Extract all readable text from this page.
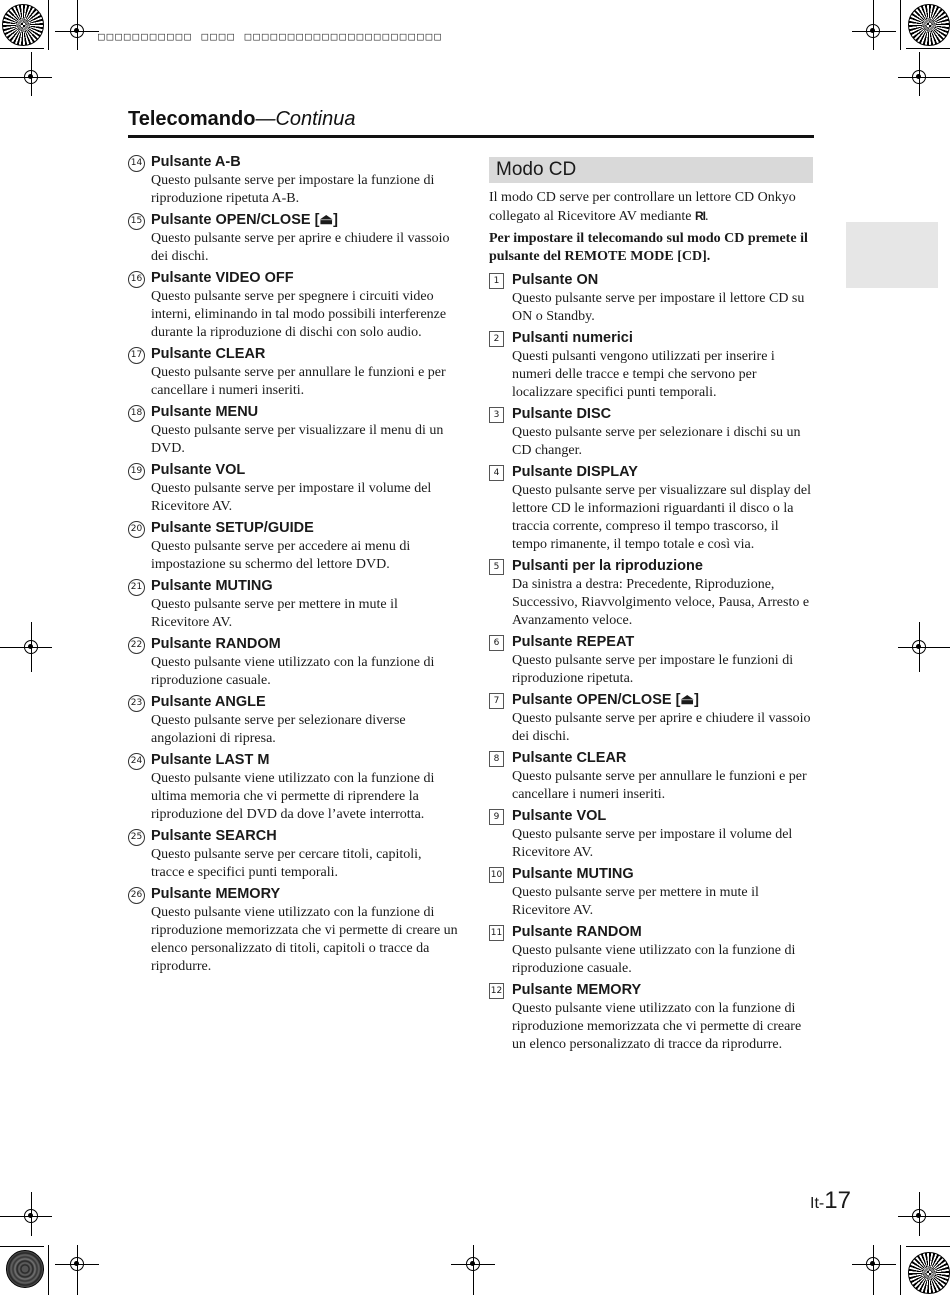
□□□□□□□□□□□ □□□□ □□□□□□□□□□□□□□□□□□□□□□□
Telecomando—Continua
14 Pulsante A-B
Questo pulsante serve per impostare la funzione di riproduzione ripetuta A-B.
15 Pulsante OPEN/CLOSE [⏏]
Questo pulsante serve per aprire e chiudere il vassoio dei dischi.
16 Pulsante VIDEO OFF
Questo pulsante serve per spegnere i circuiti video interni, eliminando in tal modo possibili interferenze durante la riproduzione di dischi con solo audio.
17 Pulsante CLEAR
Questo pulsante serve per annullare le funzioni e per cancellare i numeri inseriti.
18 Pulsante MENU
Questo pulsante serve per visualizzare il menu di un DVD.
19 Pulsante VOL
Questo pulsante serve per impostare il volume del Ricevitore AV.
20 Pulsante SETUP/GUIDE
Questo pulsante serve per accedere ai menu di impostazione su schermo del lettore DVD.
21 Pulsante MUTING
Questo pulsante serve per mettere in mute il Ricevitore AV.
22 Pulsante RANDOM
Questo pulsante viene utilizzato con la funzione di riproduzione casuale.
23 Pulsante ANGLE
Questo pulsante serve per selezionare diverse angolazioni di ripresa.
24 Pulsante LAST M
Questo pulsante viene utilizzato con la funzione di ultima memoria che vi permette di riprendere la riproduzione del DVD da dove l’avete interrotta.
25 Pulsante SEARCH
Questo pulsante serve per cercare titoli, capitoli, tracce e specifici punti temporali.
26 Pulsante MEMORY
Questo pulsante viene utilizzato con la funzione di riproduzione memorizzata che vi permette di creare un elenco personalizzato di titoli, capitoli o tracce da riprodurre.
Modo CD
Il modo CD serve per controllare un lettore CD Onkyo collegato al Ricevitore AV mediante RI.
Per impostare il telecomando sul modo CD premete il pulsante del REMOTE MODE [CD].
1 Pulsante ON
Questo pulsante serve per impostare il lettore CD su ON o Standby.
2 Pulsanti numerici
Questi pulsanti vengono utilizzati per inserire i numeri delle tracce e tempi che servono per localizzare specifici punti temporali.
3 Pulsante DISC
Questo pulsante serve per selezionare i dischi su un CD changer.
4 Pulsante DISPLAY
Questo pulsante serve per visualizzare sul display del lettore CD le informazioni riguardanti il disco o la traccia corrente, compreso il tempo trascorso, il tempo rimanente, il tempo totale e così via.
5 Pulsanti per la riproduzione
Da sinistra a destra: Precedente, Riproduzione, Successivo, Riavvolgimento veloce, Pausa, Arresto e Avanzamento veloce.
6 Pulsante REPEAT
Questo pulsante serve per impostare le funzioni di riproduzione ripetuta.
7 Pulsante OPEN/CLOSE [⏏]
Questo pulsante serve per aprire e chiudere il vassoio dei dischi.
8 Pulsante CLEAR
Questo pulsante serve per annullare le funzioni e per cancellare i numeri inseriti.
9 Pulsante VOL
Questo pulsante serve per impostare il volume del Ricevitore AV.
10 Pulsante MUTING
Questo pulsante serve per mettere in mute il Ricevitore AV.
11 Pulsante RANDOM
Questo pulsante viene utilizzato con la funzione di riproduzione casuale.
12 Pulsante MEMORY
Questo pulsante viene utilizzato con la funzione di riproduzione memorizzata che vi permette di creare un elenco personalizzato di tracce da riprodurre.
It-17
